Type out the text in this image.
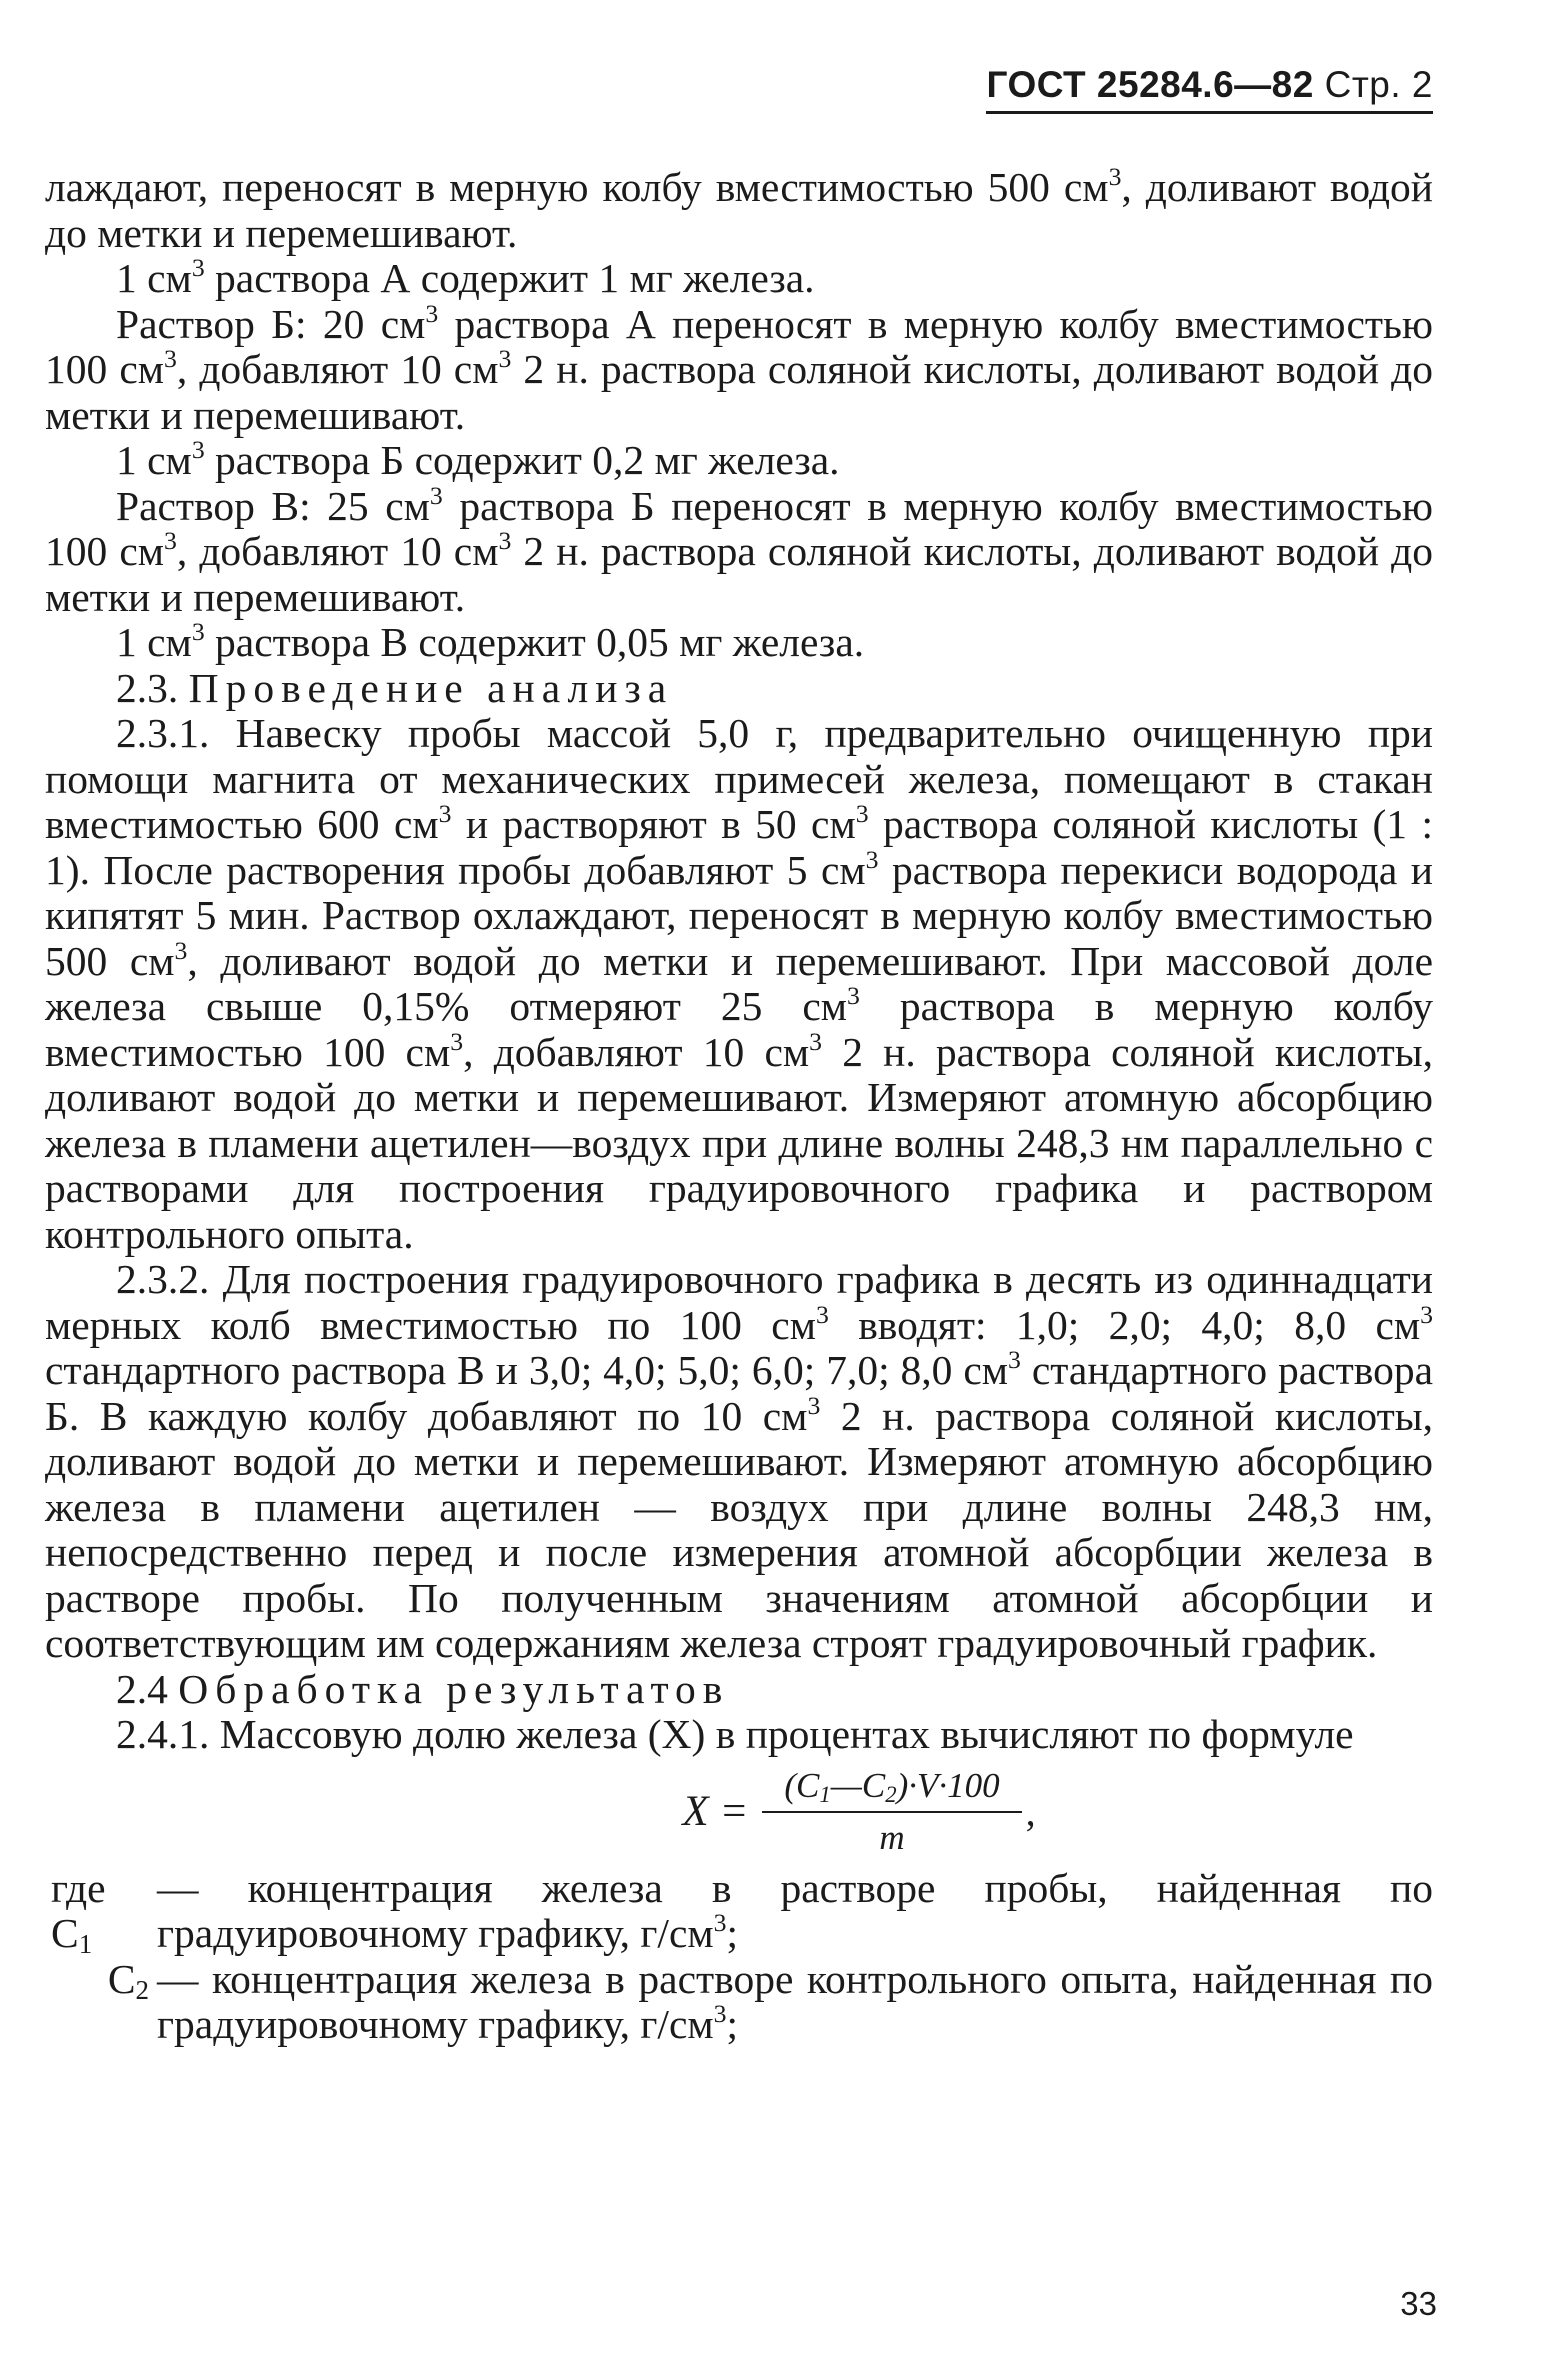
ГОСТ 25284.6—82 Стр. 2

лаждают, переносят в мерную колбу вместимостью 500 $см^3$, доливают водой до метки и перемешивают.

1 $см^3$ раствора А содержит 1 мг железа.

Раствор Б: 20 $см^3$ раствора А переносят в мерную колбу вместимостью 100 $см^3$, добавляют 10 $см^3$ 2 н. раствора соляной кислоты, доливают водой до метки и перемешивают.

1 $см^3$ раствора Б содержит 0,2 мг железа.

Раствор В: 25 $см^3$ раствора Б переносят в мерную колбу вместимостью 100 $см^3$, добавляют 10 $см^3$ 2 н. раствора соляной кислоты, доливают водой до метки и перемешивают.

1 $см^3$ раствора В содержит 0,05 мг железа.

2.3. Проведение анализа

2.3.1. Навеску пробы массой 5,0 г, предварительно очищенную при помощи магнита от механических примесей железа, помещают в стакан вместимостью 600 $см^3$ и растворяют в 50 $см^3$ раствора соляной кислоты (1 : 1). После растворения пробы добавляют 5 $см^3$ раствора перекиси водорода и кипятят 5 мин. Раствор охлаждают, переносят в мерную колбу вместимостью 500 $см^3$, доливают водой до метки и перемешивают. При массовой доле железа свыше 0,15% отмеряют 25 $см^3$ раствора в мерную колбу вместимостью 100 $см^3$, добавляют 10 $см^3$ 2 н. раствора соляной кислоты, доливают водой до метки и перемешивают. Измеряют атомную абсорбцию железа в пламени ацетилен—воздух при длине волны 248,3 нм параллельно с растворами для построения градуировочного графика и раствором контрольного опыта.

2.3.2. Для построения градуировочного графика в десять из одиннадцати мерных колб вместимостью по 100 $см^3$ вводят: 1,0; 2,0; 4,0; 8,0 $см^3$ стандартного раствора В и 3,0; 4,0; 5,0; 6,0; 7,0; 8,0 $см^3$ стандартного раствора Б. В каждую колбу добавляют по 10 $см^3$ 2 н. раствора соляной кислоты, доливают водой до метки и перемешивают. Измеряют атомную абсорбцию железа в пламени ацетилен — воздух при длине волны 248,3 нм, непосредственно перед и после измерения атомной абсорбции железа в растворе пробы. По полученным значениям атомной абсорбции и соответствующим им содержаниям железа строят градуировочный график.

2.4 Обработка результатов

2.4.1. Массовую долю железа (X) в процентах вычисляют по формуле

$X = \frac{(C_1—C_2)\cdot V\cdot 100}{m}$ ,
где $C_1$
— концентрация железа в растворе пробы, найденная по градуировочному графику, $г/см^3$;
$C_2$ — концентрация железа в растворе контрольного опыта, найденная по градуировочному графику, $г/см^3$;
33
